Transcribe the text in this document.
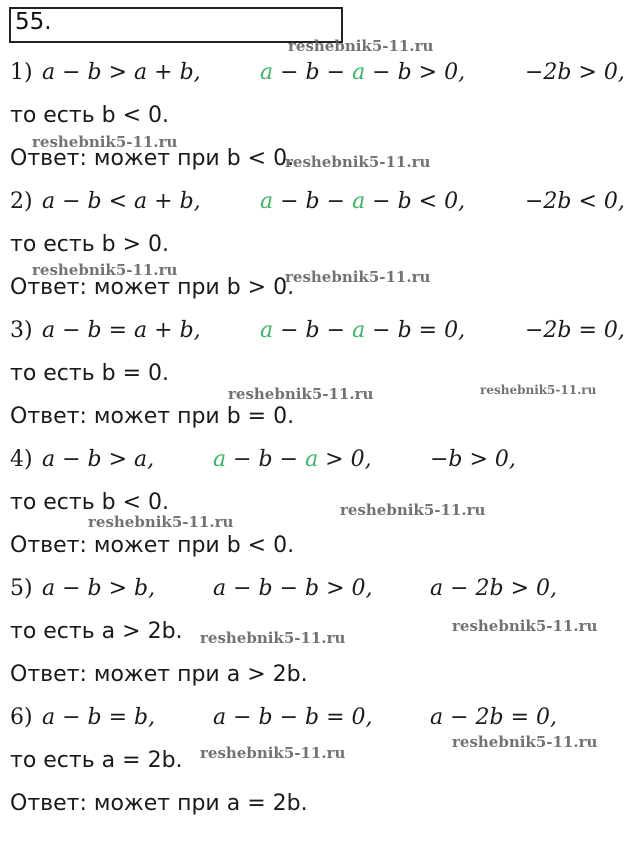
55.
1) a − b > a + b,	a − b − a − b > 0,	−2b > 0,
то есть b < 0.
Ответ: может при b < 0.
2) a − b < a + b,	a − b − a − b < 0,	−2b < 0,
то есть b > 0.
Ответ: может при b > 0.
3) a − b = a + b,	a − b − a − b = 0,	−2b = 0,
то есть b = 0.
Ответ: может при b = 0.
4) a − b > a,	a − b − a > 0,	−b > 0,
то есть b < 0.
Ответ: может при b < 0.
5) a − b > b,	a − b − b > 0,	a − 2b > 0,
то есть a > 2b.
Ответ: может при a > 2b.
6) a − b = b,	a − b − b = 0,	a − 2b = 0,
то есть a = 2b.
Ответ: может при a = 2b.
reshebnik5-11.ru
reshebnik5-11.ru
reshebnik5-11.ru
reshebnik5-11.ru	reshebnik5-11.ru
reshebnik5-11.ru	reshebnik5-11.ru
reshebnik5-11.ru
reshebnik5-11.ru
reshebnik5-11.ru
reshebnik5-11.ru
reshebnik5-11.ru
reshebnik5-11.ru
